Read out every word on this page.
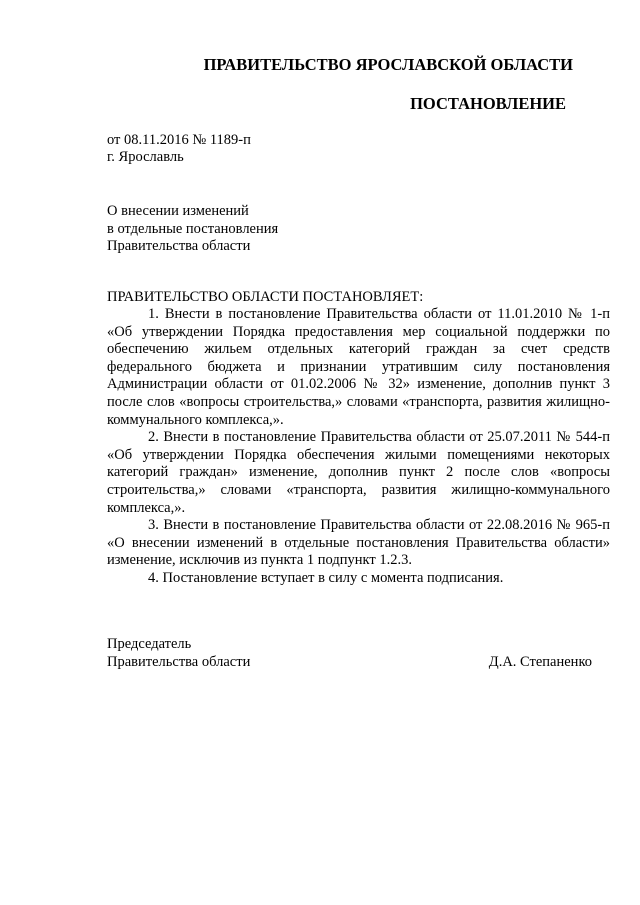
ПРАВИТЕЛЬСТВО ЯРОСЛАВСКОЙ ОБЛАСТИ
ПОСТАНОВЛЕНИЕ
от 08.11.2016 № 1189-п
г. Ярославль
О внесении изменений
в отдельные постановления
Правительства области
ПРАВИТЕЛЬСТВО ОБЛАСТИ ПОСТАНОВЛЯЕТ:

1. Внести в постановление Правительства области от 11.01.2010 № 1-п «Об утверждении Порядка предоставления мер социальной поддержки по обеспечению жильем отдельных категорий граждан за счет средств федерального бюджета и признании утратившим силу постановления Администрации области от 01.02.2006 № 32» изменение, дополнив пункт 3 после слов «вопросы строительства,» словами «транспорта, развития жилищно-коммунального комплекса,».

2. Внести в постановление Правительства области от 25.07.2011 № 544-п «Об утверждении Порядка обеспечения жилыми помещениями некоторых категорий граждан» изменение, дополнив пункт 2 после слов «вопросы строительства,» словами «транспорта, развития жилищно-коммунального комплекса,».

3. Внести в постановление Правительства области от 22.08.2016 № 965-п «О внесении изменений в отдельные постановления Правительства области» изменение, исключив из пункта 1 подпункт 1.2.3.

4. Постановление вступает в силу с момента подписания.

Председатель
Правительства области	Д.А. Степаненко
